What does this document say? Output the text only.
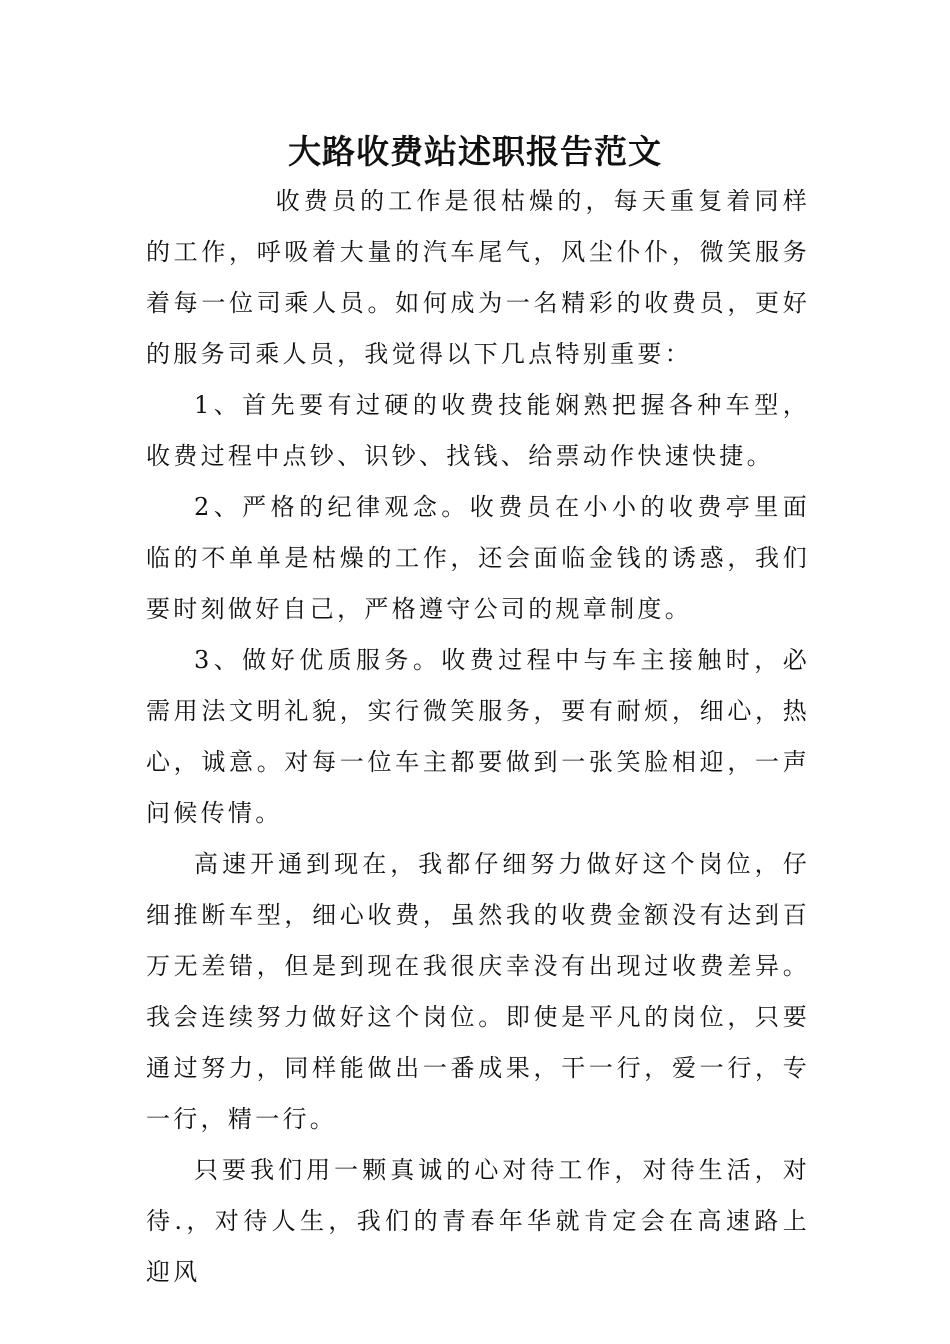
大路收费站述职报告范文

收费员的工作是很枯燥的，每天重复着同样的工作，呼吸着大量的汽车尾气，风尘仆仆，微笑服务着每一位司乘人员。如何成为一名精彩的收费员，更好的服务司乘人员，我觉得以下几点特别重要：

1、首先要有过硬的收费技能娴熟把握各种车型，收费过程中点钞、识钞、找钱、给票动作快速快捷。

2、严格的纪律观念。收费员在小小的收费亭里面临的不单单是枯燥的工作，还会面临金钱的诱惑，我们要时刻做好自己，严格遵守公司的规章制度。

3、做好优质服务。收费过程中与车主接触时，必需用法文明礼貌，实行微笑服务，要有耐烦，细心，热心，诚意。对每一位车主都要做到一张笑脸相迎，一声问候传情。

高速开通到现在，我都仔细努力做好这个岗位，仔细推断车型，细心收费，虽然我的收费金额没有达到百万无差错，但是到现在我很庆幸没有出现过收费差异。我会连续努力做好这个岗位。即使是平凡的岗位，只要通过努力，同样能做出一番成果，干一行，爱一行，专一行，精一行。

只要我们用一颗真诚的心对待工作，对待生活，对待.，对待人生，我们的青春年华就肯定会在高速路上迎风
